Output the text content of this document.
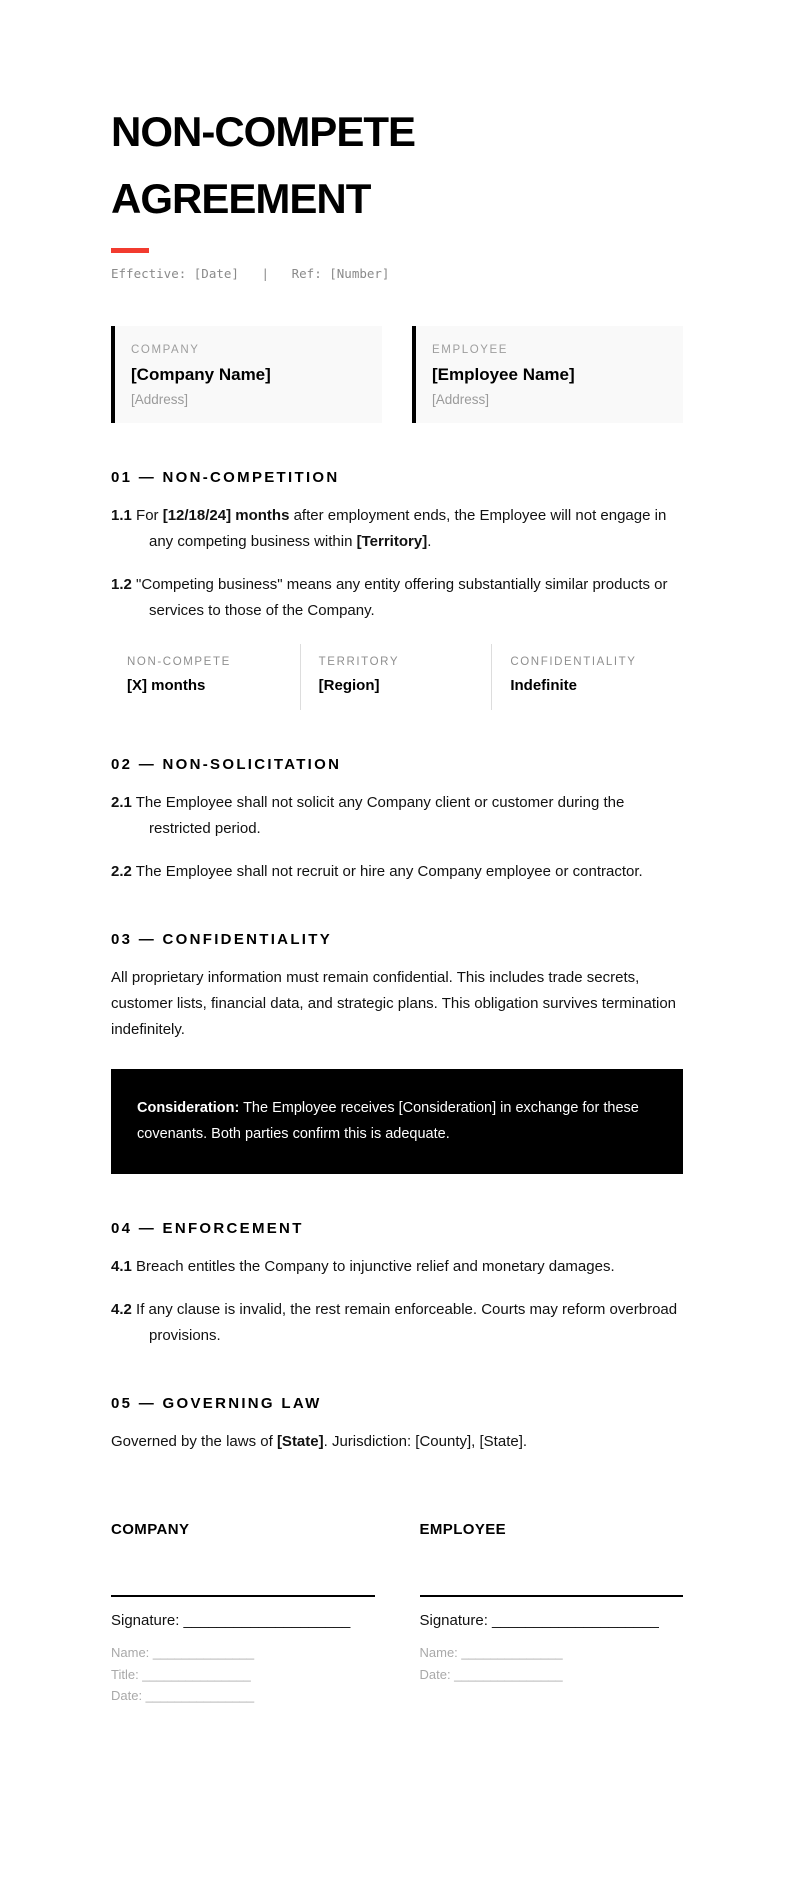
NON-COMPETE
AGREEMENT
Effective: [Date]   |   Ref: [Number]
COMPANY
[Company Name]
[Address]
EMPLOYEE
[Employee Name]
[Address]
01 — NON-COMPETITION

1.1 For [12/18/24] months after employment ends, the Employee will not engage in any competing business within [Territory].

1.2 "Competing business" means any entity offering substantially similar products or services to those of the Company.

NON-COMPETE
[X] months
TERRITORY
[Region]
CONFIDENTIALITY
Indefinite
02 — NON-SOLICITATION

2.1 The Employee shall not solicit any Company client or customer during the restricted period.

2.2 The Employee shall not recruit or hire any Company employee or contractor.

03 — CONFIDENTIALITY

All proprietary information must remain confidential. This includes trade secrets, customer lists, financial data, and strategic plans. This obligation survives termination indefinitely.

Consideration: The Employee receives [Consideration] in exchange for these covenants. Both parties confirm this is adequate.
04 — ENFORCEMENT

4.1 Breach entitles the Company to injunctive relief and monetary damages.

4.2 If any clause is invalid, the rest remain enforceable. Courts may reform overbroad provisions.

05 — GOVERNING LAW

Governed by the laws of [State]. Jurisdiction: [County], [State].

COMPANY
Signature: ____________________
Name: ______________
Title: _______________
Date: _______________
EMPLOYEE
Signature: ____________________
Name: ______________
Date: _______________
